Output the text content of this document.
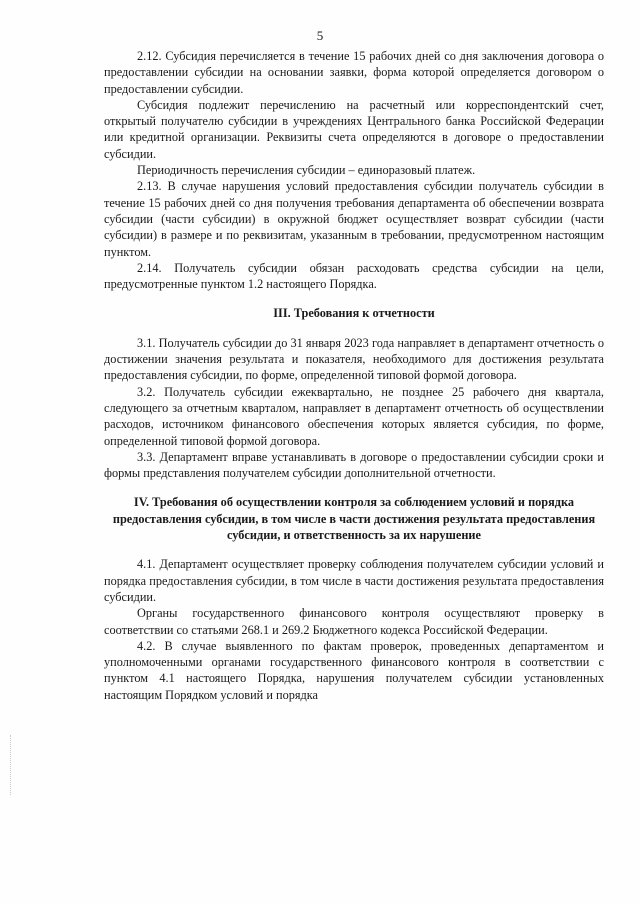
5

2.12. Субсидия перечисляется в течение 15 рабочих дней со дня заключения договора о предоставлении субсидии на основании заявки, форма которой определяется договором о предоставлении субсидии.

Субсидия подлежит перечислению на расчетный или корреспондентский счет, открытый получателю субсидии в учреждениях Центрального банка Российской Федерации или кредитной организации. Реквизиты счета определяются в договоре о предоставлении субсидии.

Периодичность перечисления субсидии – единоразовый платеж.

2.13. В случае нарушения условий предоставления субсидии получатель субсидии в течение 15 рабочих дней со дня получения требования департамента об обеспечении возврата субсидии (части субсидии) в окружной бюджет осуществляет возврат субсидии (части субсидии) в размере и по реквизитам, указанным в требовании, предусмотренном настоящим пунктом.

2.14. Получатель субсидии обязан расходовать средства субсидии на цели, предусмотренные пунктом 1.2 настоящего Порядка.

III. Требования к отчетности

3.1. Получатель субсидии до 31 января 2023 года направляет в департамент отчетность о достижении значения результата и показателя, необходимого для достижения результата предоставления субсидии, по форме, определенной типовой формой договора.

3.2. Получатель субсидии ежеквартально, не позднее 25 рабочего дня квартала, следующего за отчетным кварталом, направляет в департамент отчетность об осуществлении расходов, источником финансового обеспечения которых является субсидия, по форме, определенной типовой формой договора.

3.3. Департамент вправе устанавливать в договоре о предоставлении субсидии сроки и формы представления получателем субсидии дополнительной отчетности.

IV. Требования об осуществлении контроля за соблюдением условий и порядка предоставления субсидии, в том числе в части достижения результата предоставления субсидии, и ответственность за их нарушение

4.1. Департамент осуществляет проверку соблюдения получателем субсидии условий и порядка предоставления субсидии, в том числе в части достижения результата предоставления субсидии.

Органы государственного финансового контроля осуществляют проверку в соответствии со статьями 268.1 и 269.2 Бюджетного кодекса Российской Федерации.

4.2. В случае выявленного по фактам проверок, проведенных департаментом и уполномоченными органами государственного финансового контроля в соответствии с пунктом 4.1 настоящего Порядка, нарушения получателем субсидии установленных настоящим Порядком условий и порядка
